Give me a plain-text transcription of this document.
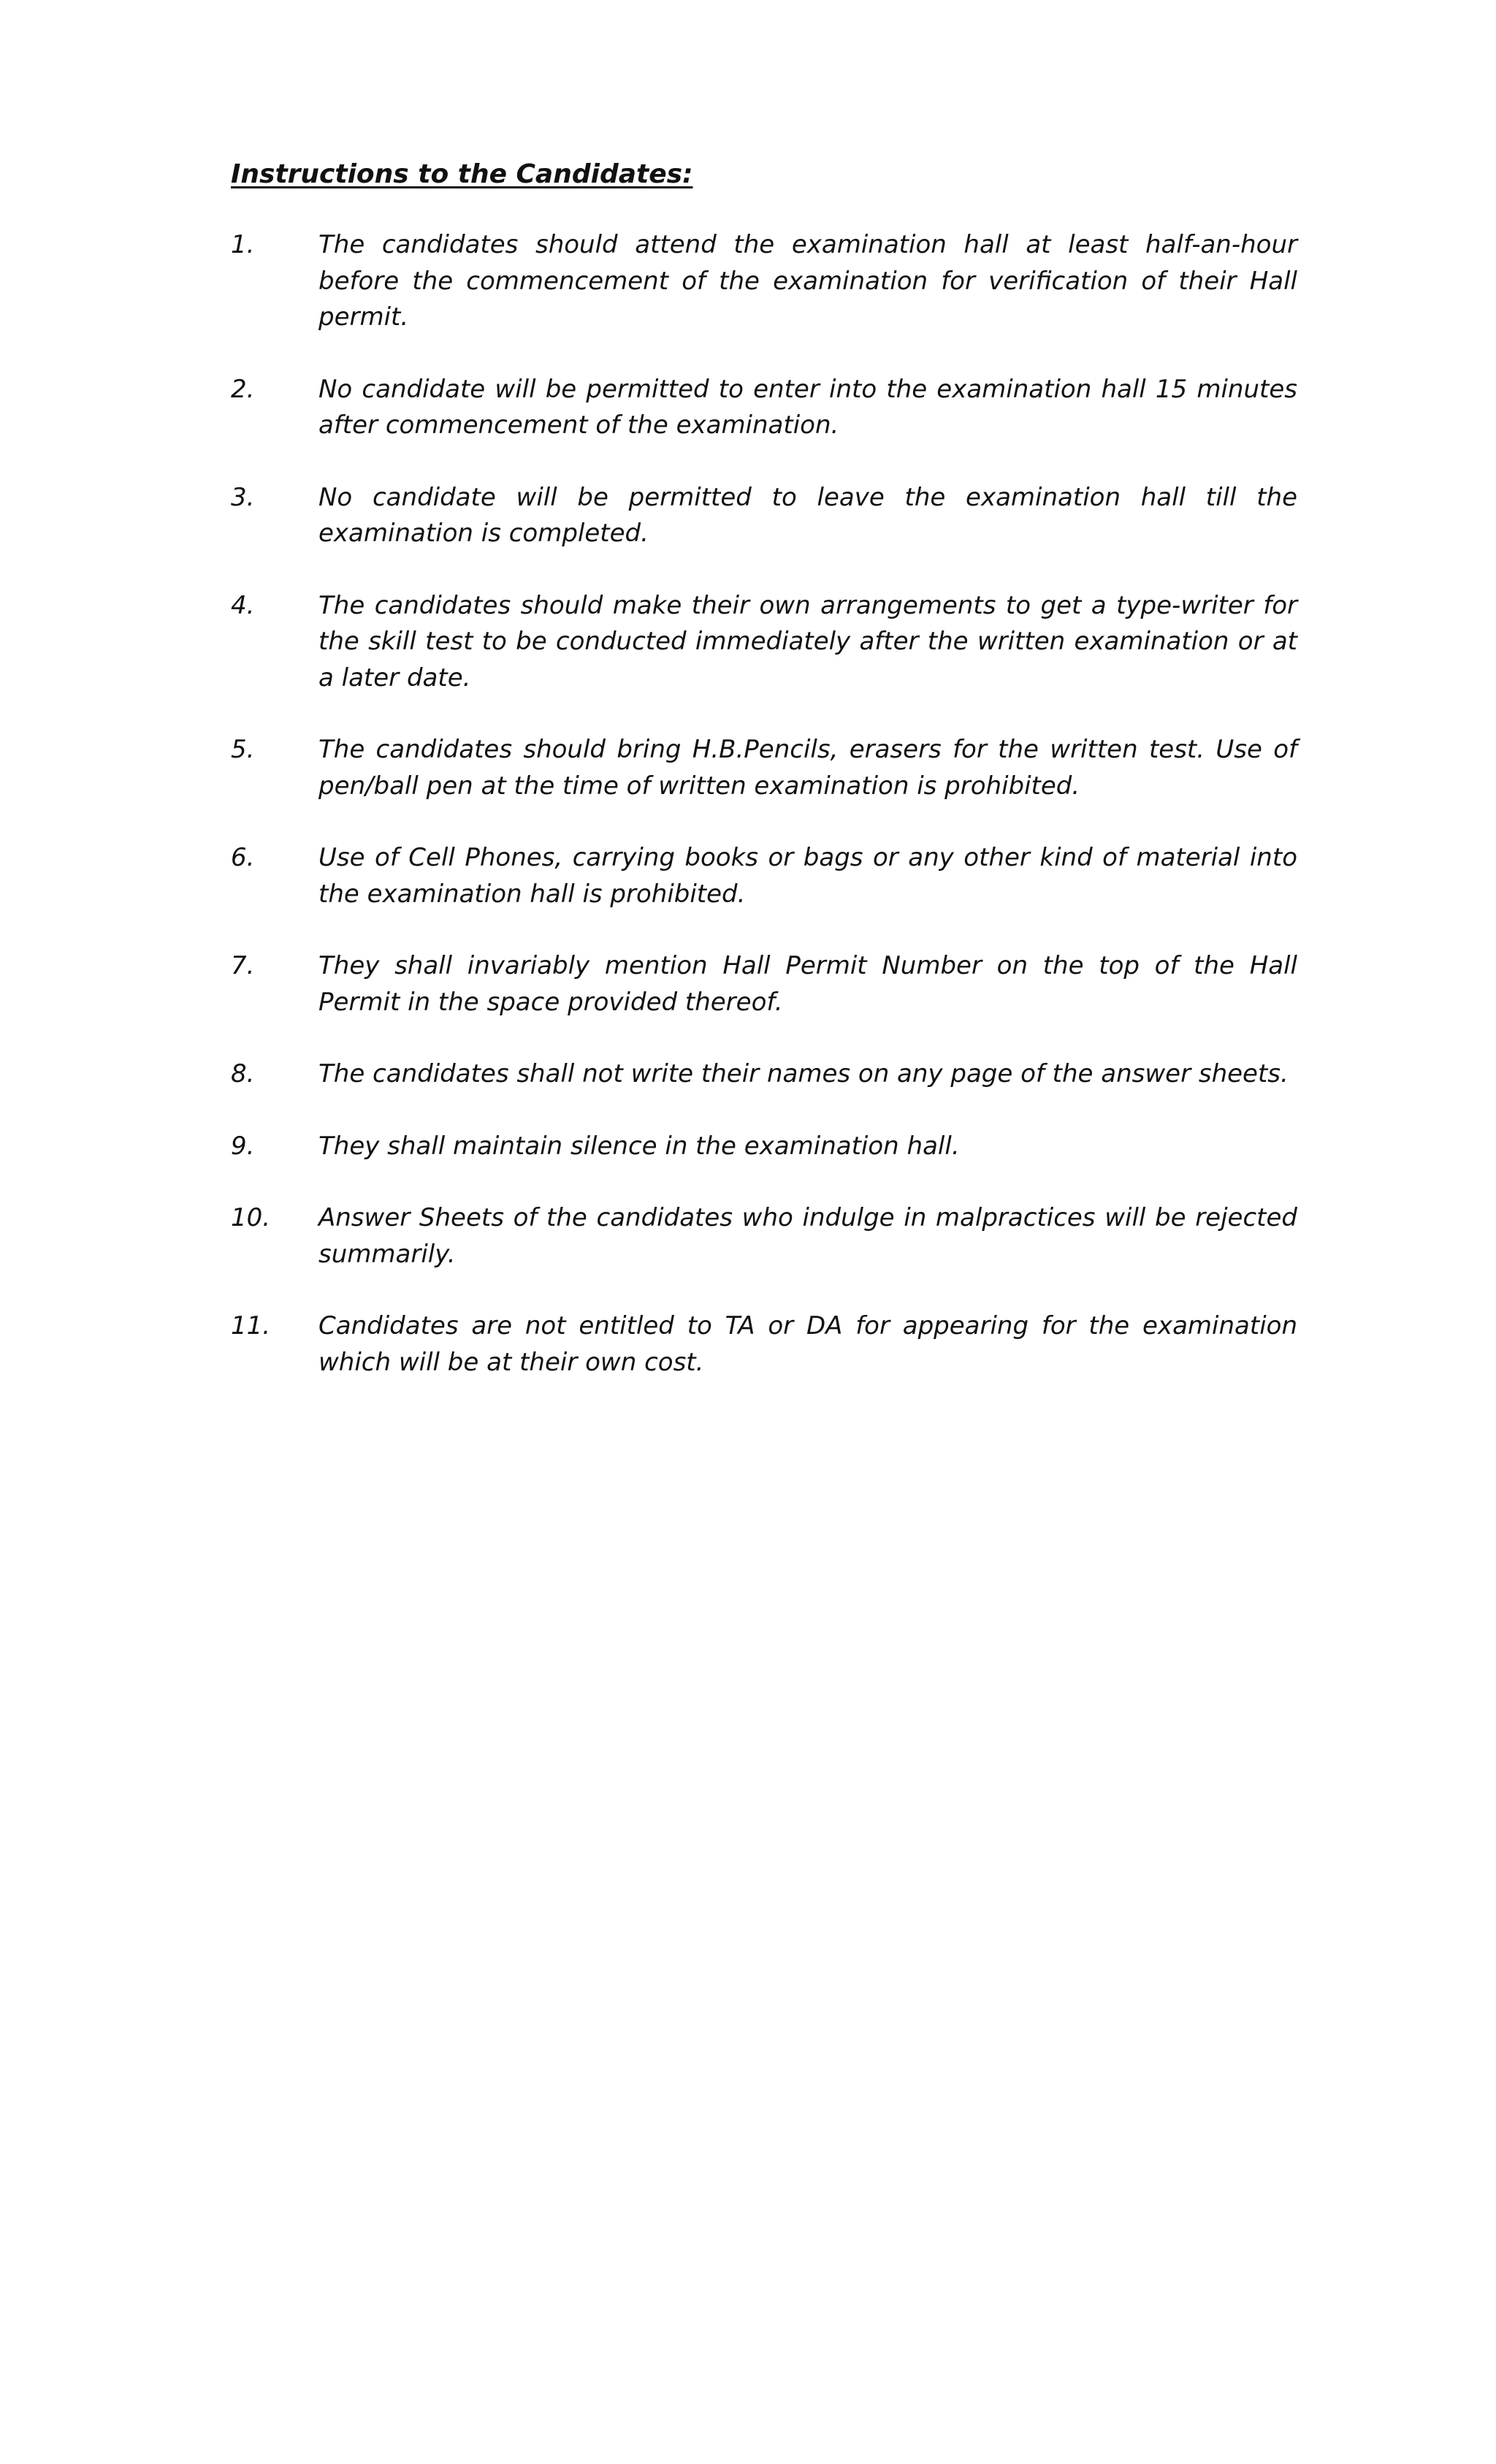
Instructions to the Candidates:
1.	The candidates should attend the examination hall at least half-an-hour before the commencement of the examination for verification of their Hall permit.
2.	No candidate will be permitted to enter into the examination hall 15 minutes after commencement of the examination.
3.	No candidate will be permitted to leave the examination hall till the examination is completed.
4.	The candidates should make their own arrangements to get a type-writer for the skill test to be conducted immediately after the written examination or at a later date.
5.	The candidates should bring H.B.Pencils, erasers for the written test. Use of pen/ball pen at the time of written examination is prohibited.
6.	Use of Cell Phones, carrying books or bags or any other kind of material into the examination hall is prohibited.
7.	They shall invariably mention Hall Permit Number on the top of the Hall Permit in the space provided thereof.
8.	The candidates shall not write their names on any page of the answer sheets.
9.	They shall maintain silence in the examination hall.
10.	Answer Sheets of the candidates who indulge in malpractices will be rejected summarily.
11.	Candidates are not entitled to TA or DA for appearing for the examination which will be at their own cost.
